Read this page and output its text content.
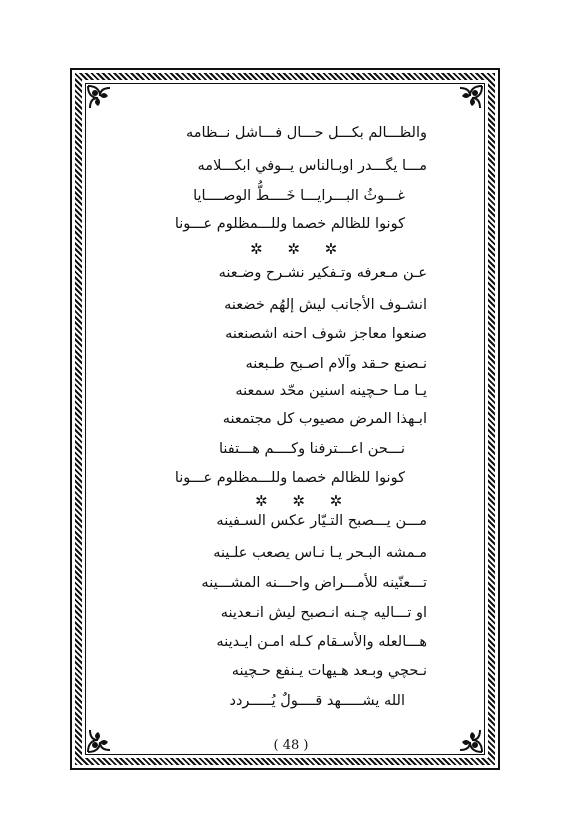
والظـــالم بكـــل حـــال فـــاشل نــظامه
مـــا يگـــدر اوبـالناس يــوفي ابكـــلامه
غـــوثُ البـــرايـــا خَــــطُّ الوصــــايا
كونوا للظالم خصما وللـــمظلوم عـــونا
✲ ✲ ✲
عـن مـعرفه وتـفكير نشـرح وضـعنه
انشـوف الأجانب ليش إلهُم خضعنه
صنعوا معاجز شوف احنه اشصنعنه
نـصنع حـقد وآلام اصـبح طـبعنه
يـا مـا حـچينه اسنين محّد سمعنه
ابـهذا المرض مصيوب كل مجتمعنه
نـــحن اعـــترفنا وكــــم هـــتفنا
كونوا للظالم خصما وللـــمظلوم عـــونا
✲ ✲ ✲
مـــن يـــصبح التـيّار عكس السـفينه
مـمشه البـحر يـا نـاس يصعب علـينه
تـــعنّينه للأمـــراض واحـــنه المشـــينه
او تـــاليه چـنه انـصبح ليش انـعدينه
هـــالعله والأسـقام كـله امـن ايـدينه
نـحچي وبـعد هـيهات يـنفع حـچينه
الله يشـــــهد قــــولٌ يُـــــردد
( 48 )
